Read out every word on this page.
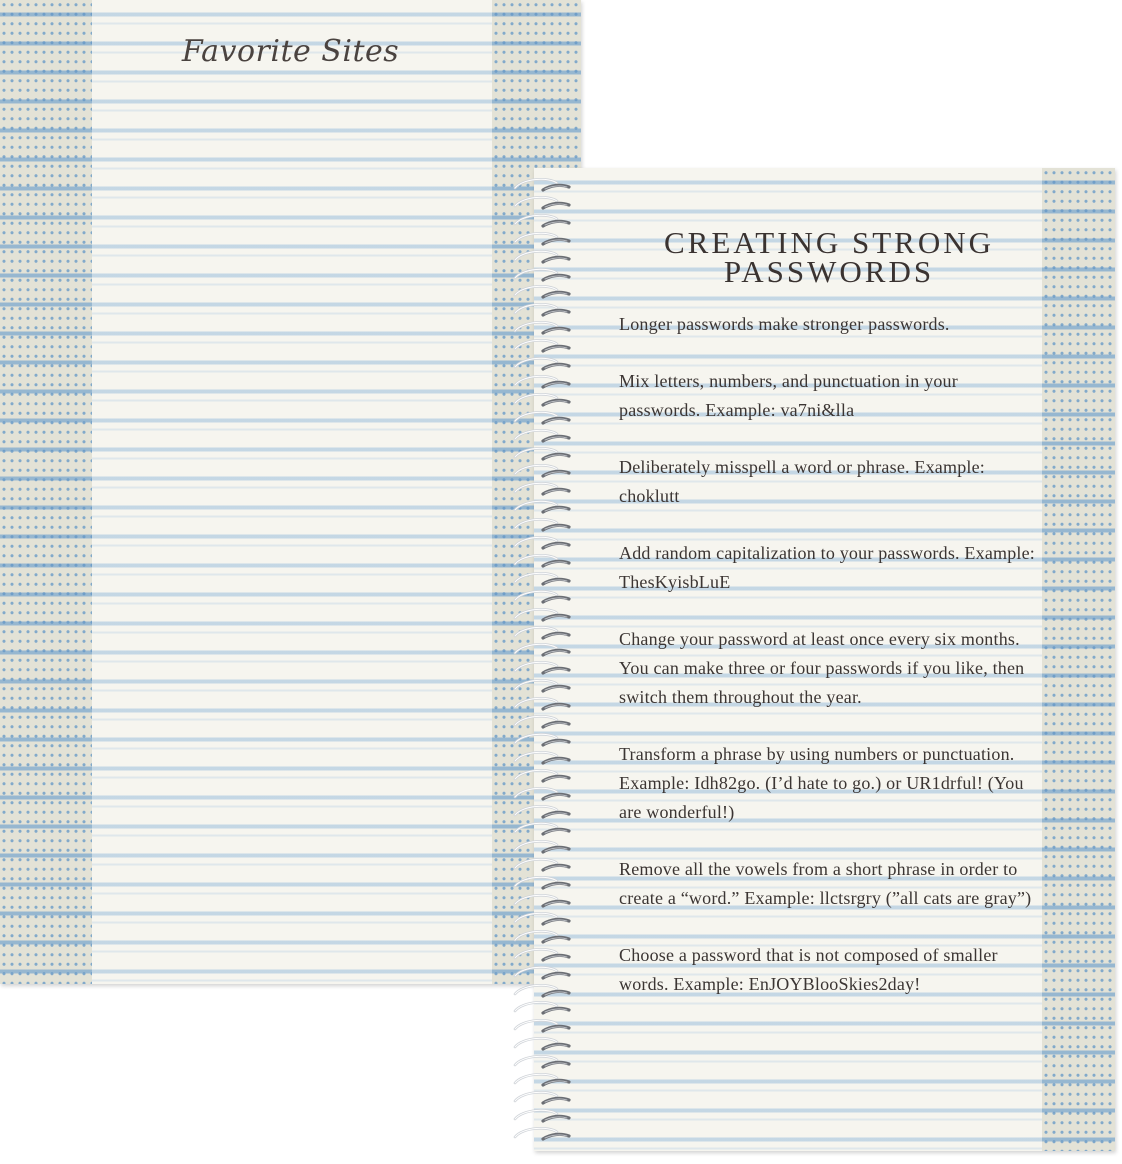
Favorite Sites
CREATING STRONG PASSWORDS

Longer passwords make stronger passwords.

Mix letters, numbers, and punctuation in your passwords. Example: va7ni&lla

Deliberately misspell a word or phrase. Example: choklutt

Add random capitalization to your passwords. Example: ThesKyisbLuE

Change your password at least once every six months. You can make three or four passwords if you like, then switch them throughout the year.

Transform a phrase by using numbers or punctuation. Example: Idh82go. (I’d hate to go.) or UR1drful! (You are wonderful!)

Remove all the vowels from a short phrase in order to create a “word.” Example: llctsrgry (”all cats are gray”)

Choose a password that is not composed of smaller words. Example: EnJOYBlooSkies2day!
